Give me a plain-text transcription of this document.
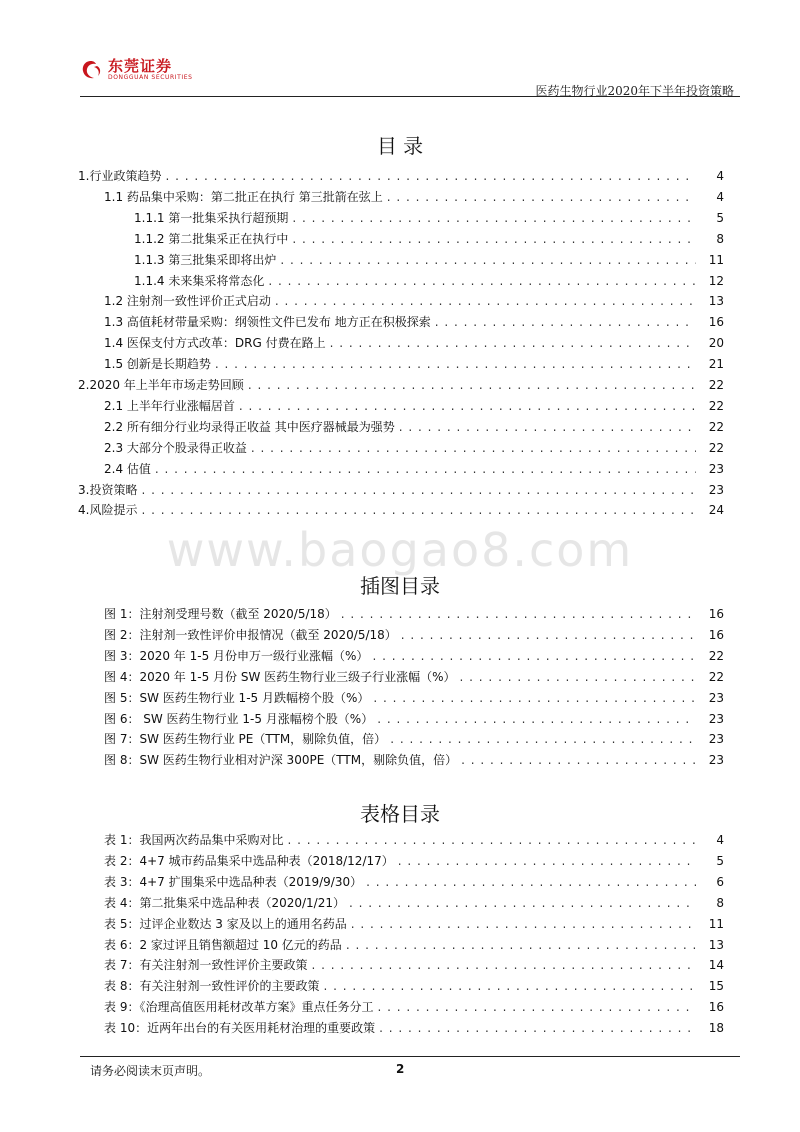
东莞证券
DONGGUAN SECURITIES
医药生物行业2020年下半年投资策略
目 录
1.行业政策趋势 . . .	4
1.1 药品集中采购：第二批正在执行 第三批箭在弦上 . . .	4
1.1.1 第一批集采执行超预期 . . .	5
1.1.2 第二批集采正在执行中 . . .	8
1.1.3 第三批集采即将出炉 . . .	11
1.1.4 未来集采将常态化 . . .	12
1.2 注射剂一致性评价正式启动 . . .	13
1.3 高值耗材带量采购：纲领性文件已发布 地方正在积极探索 . . .	16
1.4 医保支付方式改革：DRG 付费在路上 . . .	20
1.5 创新是长期趋势 . . .	21
2.2020 年上半年市场走势回顾 . . .	22
2.1 上半年行业涨幅居首 . . .	22
2.2 所有细分行业均录得正收益 其中医疗器械最为强势 . . .	22
2.3 大部分个股录得正收益 . . .	22
2.4 估值 . . .	23
3.投资策略 . . .	23
4.风险提示 . . .	24
www.baogao8.com
插图目录
图 1：注射剂受理号数（截至 2020/5/18） . . .	16
图 2：注射剂一致性评价申报情况（截至 2020/5/18） . . .	16
图 3：2020 年 1-5 月份申万一级行业涨幅（%） . . .	22
图 4：2020 年 1-5 月份 SW 医药生物行业三级子行业涨幅（%） . . .	22
图 5：SW 医药生物行业 1-5 月跌幅榜个股（%） . . .	23
图 6： SW 医药生物行业 1-5 月涨幅榜个股（%） . . .	23
图 7：SW 医药生物行业 PE（TTM，剔除负值，倍） . . .	23
图 8：SW 医药生物行业相对沪深 300PE（TTM，剔除负值，倍） . . .	23
表格目录
表 1：我国两次药品集中采购对比 . . .	4
表 2：4+7 城市药品集采中选品种表（2018/12/17） . . .	5
表 3：4+7 扩围集采中选品种表（2019/9/30） . . .	6
表 4：第二批集采中选品种表（2020/1/21） . . .	8
表 5：过评企业数达 3 家及以上的通用名药品 . . .	11
表 6：2 家过评且销售额超过 10 亿元的药品 . . .	13
表 7：有关注射剂一致性评价主要政策 . . .	14
表 8：有关注射剂一致性评价的主要政策 . . .	15
表 9：《治理高值医用耗材改革方案》重点任务分工 . . .	16
表 10：近两年出台的有关医用耗材治理的重要政策 . . .	18
请务必阅读末页声明。	2
